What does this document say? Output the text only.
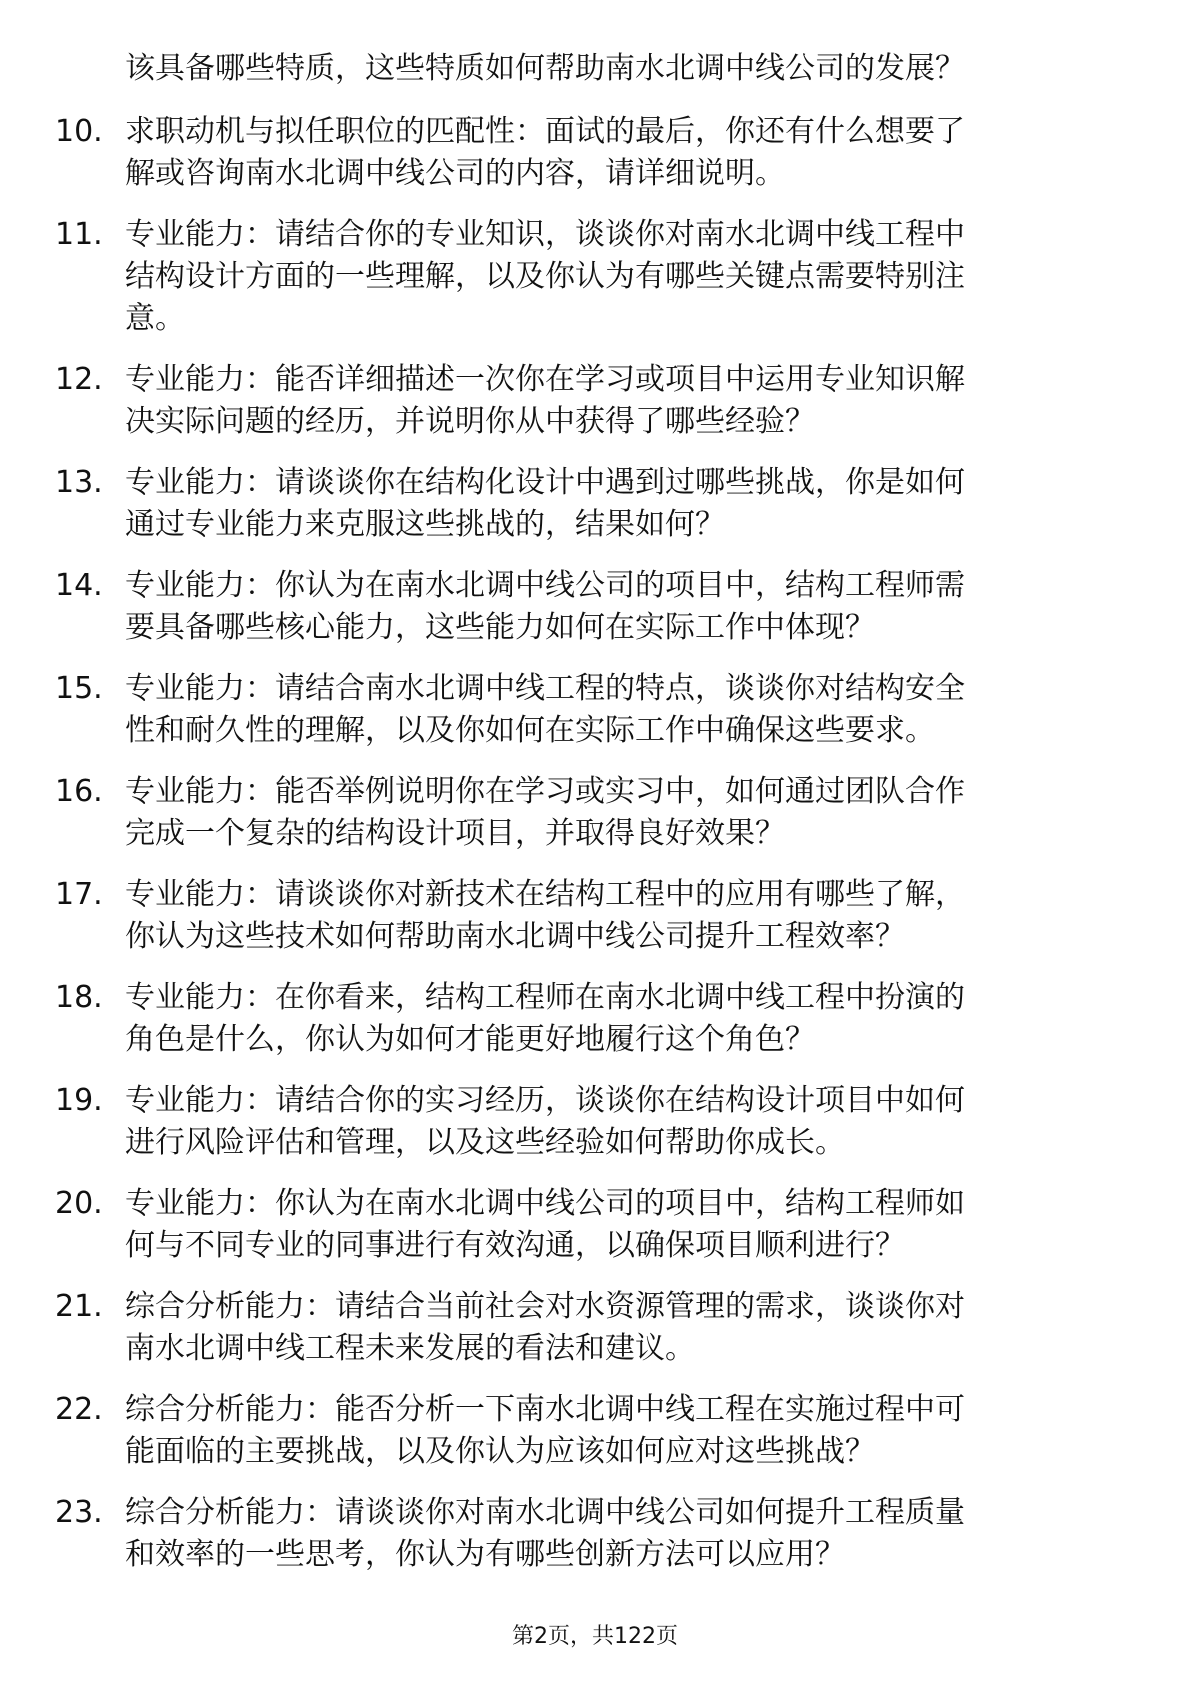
该具备哪些特质，这些特质如何帮助南水北调中线公司的发展？

10. 求职动机与拟任职位的匹配性：面试的最后，你还有什么想要了
解或咨询南水北调中线公司的内容，请详细说明。
11. 专业能力：请结合你的专业知识，谈谈你对南水北调中线工程中
结构设计方面的一些理解，以及你认为有哪些关键点需要特别注
意。
12. 专业能力：能否详细描述一次你在学习或项目中运用专业知识解
决实际问题的经历，并说明你从中获得了哪些经验？
13. 专业能力：请谈谈你在结构化设计中遇到过哪些挑战，你是如何
通过专业能力来克服这些挑战的，结果如何？
14. 专业能力：你认为在南水北调中线公司的项目中，结构工程师需
要具备哪些核心能力，这些能力如何在实际工作中体现？
15. 专业能力：请结合南水北调中线工程的特点，谈谈你对结构安全
性和耐久性的理解，以及你如何在实际工作中确保这些要求。
16. 专业能力：能否举例说明你在学习或实习中，如何通过团队合作
完成一个复杂的结构设计项目，并取得良好效果？
17. 专业能力：请谈谈你对新技术在结构工程中的应用有哪些了解，
你认为这些技术如何帮助南水北调中线公司提升工程效率？
18. 专业能力：在你看来，结构工程师在南水北调中线工程中扮演的
角色是什么，你认为如何才能更好地履行这个角色？
19. 专业能力：请结合你的实习经历，谈谈你在结构设计项目中如何
进行风险评估和管理，以及这些经验如何帮助你成长。
20. 专业能力：你认为在南水北调中线公司的项目中，结构工程师如
何与不同专业的同事进行有效沟通，以确保项目顺利进行？
21. 综合分析能力：请结合当前社会对水资源管理的需求，谈谈你对
南水北调中线工程未来发展的看法和建议。
22. 综合分析能力：能否分析一下南水北调中线工程在实施过程中可
能面临的主要挑战，以及你认为应该如何应对这些挑战？
23. 综合分析能力：请谈谈你对南水北调中线公司如何提升工程质量
和效率的一些思考，你认为有哪些创新方法可以应用？
第2页，共122页
